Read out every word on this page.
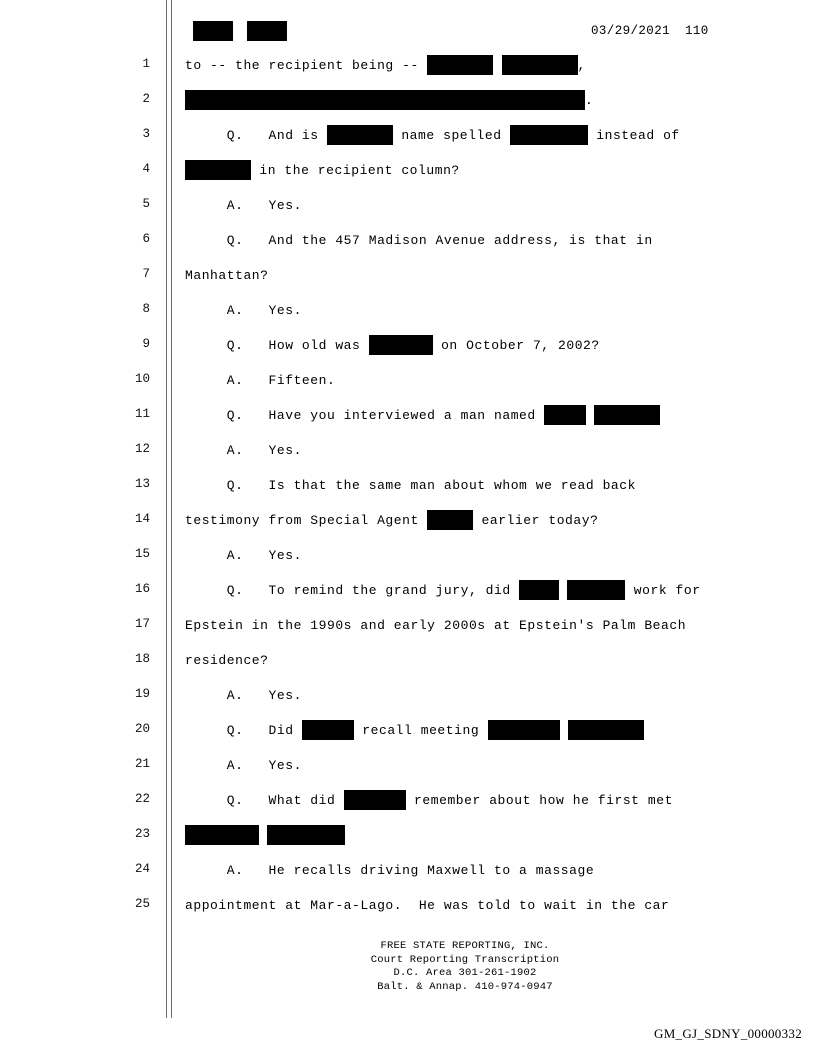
03/29/2021 110
1	to -- the recipient being --	,
2	.
3	Q.   And is	name spelled	instead of
4	in the recipient column?
5	A.   Yes.
6	Q.   And the 457 Madison Avenue address, is that in
7	Manhattan?
8	A.   Yes.
9	Q.   How old was	on October 7, 2002?
10	A.   Fifteen.
11	Q.   Have you interviewed a man named
12	A.   Yes.
13	Q.   Is that the same man about whom we read back
14	testimony from Special Agent	earlier today?
15	A.   Yes.
16	Q.   To remind the grand jury, did	work for
17	Epstein in the 1990s and early 2000s at Epstein's Palm Beach
18	residence?
19	A.   Yes.
20	Q.   Did	recall meeting
21	A.   Yes.
22	Q.   What did	remember about how he first met
23

24	A.   He recalls driving Maxwell to a massage
25	appointment at Mar-a-Lago.  He was told to wait in the car
FREE STATE REPORTING, INC.
Court Reporting Transcription
D.C. Area 301-261-1902
Balt. & Annap. 410-974-0947
GM_GJ_SDNY_00000332
